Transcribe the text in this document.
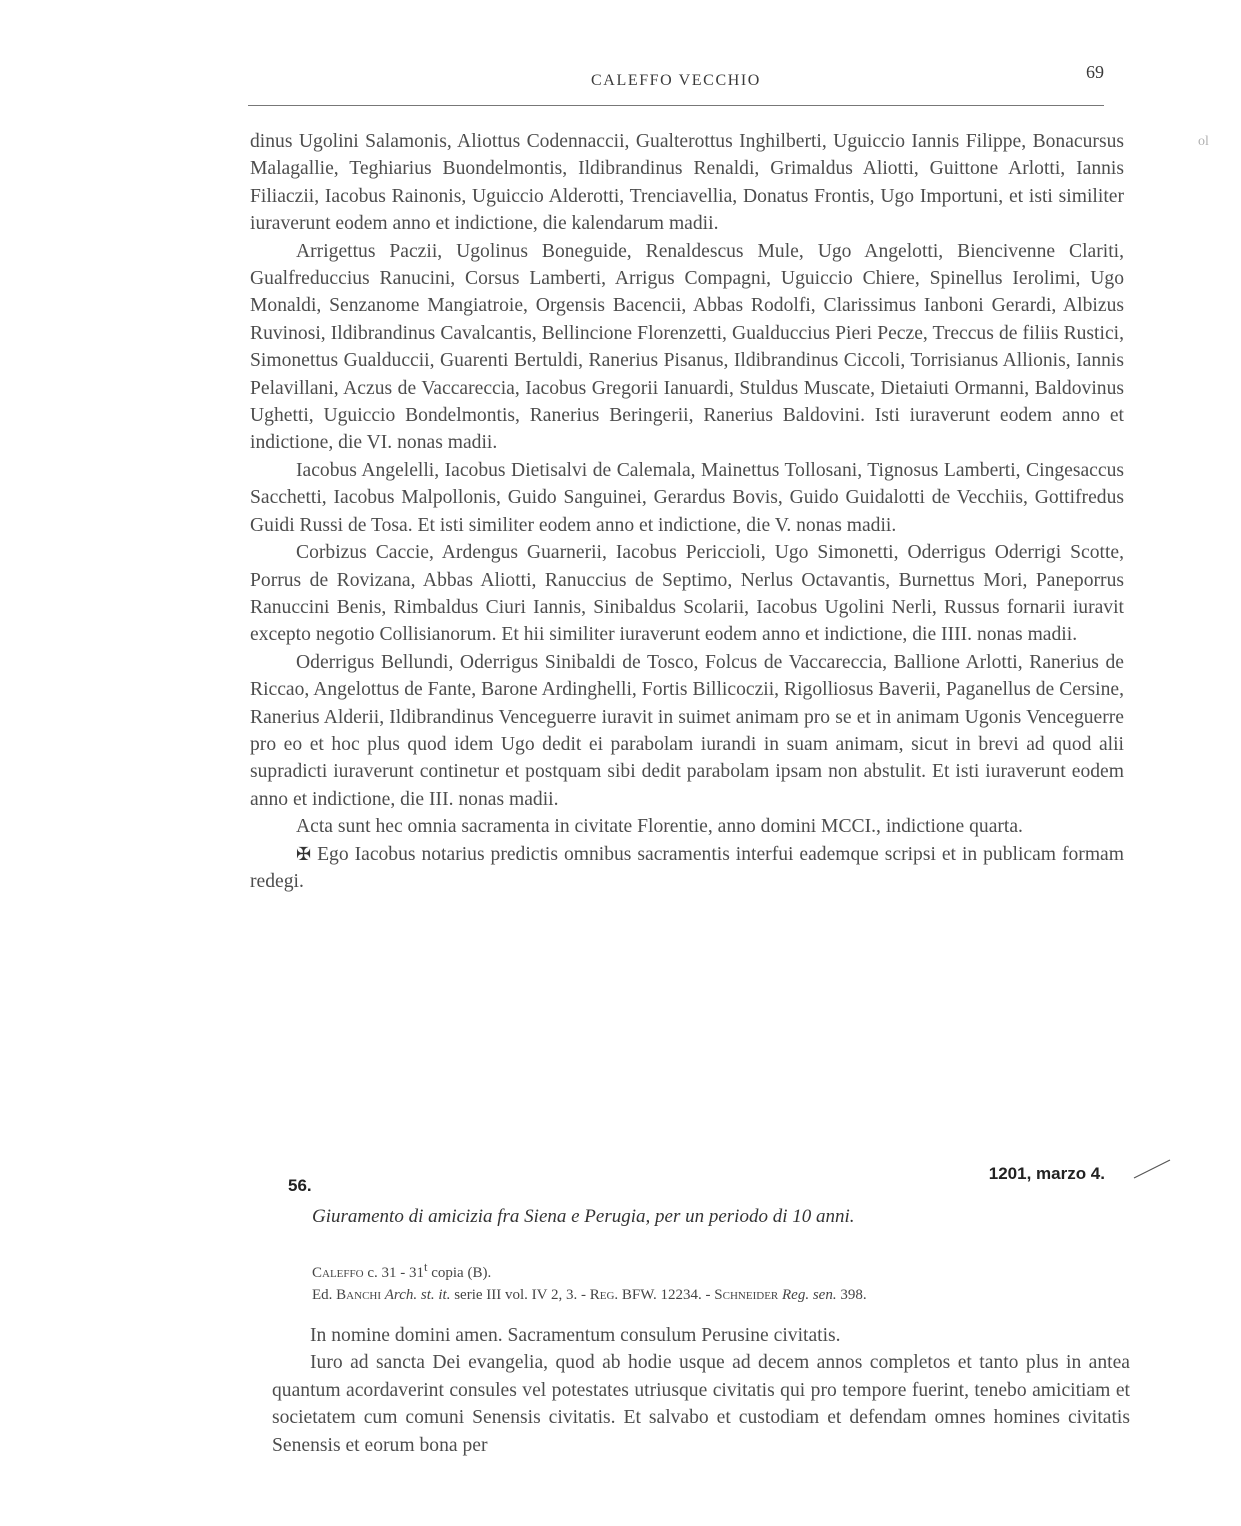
CALEFFO VECCHIO	69
ol

dinus Ugolini Salamonis, Aliottus Codennaccii, Gualterottus Inghilberti, Uguiccio Iannis Filippe, Bonacursus Malagallie, Teghiarius Buondelmontis, Ildibrandinus Renaldi, Grimaldus Aliotti, Guittone Arlotti, Iannis Filiaczii, Iacobus Rainonis, Uguiccio Alderotti, Trenciavellia, Donatus Frontis, Ugo Importuni, et isti similiter iuraverunt eodem anno et indictione, die kalendarum madii.

Arrigettus Paczii, Ugolinus Boneguide, Renaldescus Mule, Ugo Angelotti, Biencivenne Clariti, Gualfreduccius Ranucini, Corsus Lamberti, Arrigus Compagni, Uguiccio Chiere, Spinellus Ierolimi, Ugo Monaldi, Senzanome Mangiatroie, Orgensis Bacencii, Abbas Rodolfi, Clarissimus Ianboni Gerardi, Albizus Ruvinosi, Ildibrandinus Cavalcantis, Bellincione Florenzetti, Gualduccius Pieri Pecze, Treccus de filiis Rustici, Simonettus Gualduccii, Guarenti Bertuldi, Ranerius Pisanus, Ildibrandinus Ciccoli, Torrisianus Allionis, Iannis Pelavillani, Aczus de Vaccareccia, Iacobus Gregorii Ianuardi, Stuldus Muscate, Dietaiuti Ormanni, Baldovinus Ughetti, Uguiccio Bondelmontis, Ranerius Beringerii, Ranerius Baldovini. Isti iuraverunt eodem anno et indictione, die VI. nonas madii.

Iacobus Angelelli, Iacobus Dietisalvi de Calemala, Mainettus Tollosani, Tignosus Lamberti, Cingesaccus Sacchetti, Iacobus Malpollonis, Guido Sanguinei, Gerardus Bovis, Guido Guidalotti de Vecchiis, Gottifredus Guidi Russi de Tosa. Et isti similiter eodem anno et indictione, die V. nonas madii.

Corbizus Caccie, Ardengus Guarnerii, Iacobus Periccioli, Ugo Simonetti, Oderrigus Oderrigi Scotte, Porrus de Rovizana, Abbas Aliotti, Ranuccius de Septimo, Nerlus Octavantis, Burnettus Mori, Paneporrus Ranuccini Benis, Rimbaldus Ciuri Iannis, Sinibaldus Scolarii, Iacobus Ugolini Nerli, Russus fornarii iuravit excepto negotio Collisianorum. Et hii similiter iuraverunt eodem anno et indictione, die IIII. nonas madii.

Oderrigus Bellundi, Oderrigus Sinibaldi de Tosco, Folcus de Vaccareccia, Ballione Arlotti, Ranerius de Riccao, Angelottus de Fante, Barone Ardinghelli, Fortis Billicoczii, Rigolliosus Baverii, Paganellus de Cersine, Ranerius Alderii, Ildibrandinus Venceguerre iuravit in suimet animam pro se et in animam Ugonis Venceguerre pro eo et hoc plus quod idem Ugo dedit ei parabolam iurandi in suam animam, sicut in brevi ad quod alii supradicti iuraverunt continetur et postquam sibi dedit parabolam ipsam non abstulit. Et isti iuraverunt eodem anno et indictione, die III. nonas madii.

Acta sunt hec omnia sacramenta in civitate Florentie, anno domini MCCI., indictione quarta.

✠ Ego Iacobus notarius predictis omnibus sacramentis interfui eademque scripsi et in publicam formam redegi.

56.
1201, marzo 4.
Giuramento di amicizia fra Siena e Perugia, per un periodo di 10 anni.
Caleffo c. 31 - 31$^t$ copia (B).
Ed. Banchi Arch. st. it. serie III vol. IV 2, 3. - Reg. BFW. 12234. - Schneider Reg. sen. 398.

In nomine domini amen. Sacramentum consulum Perusine civitatis.

Iuro ad sancta Dei evangelia, quod ab hodie usque ad decem annos completos et tanto plus in antea quantum acordaverint consules vel potestates utriusque civitatis qui pro tempore fuerint, tenebo amicitiam et societatem cum comuni Senensis civitatis. Et salvabo et custodiam et defendam omnes homines civitatis Senensis et eorum bona per
